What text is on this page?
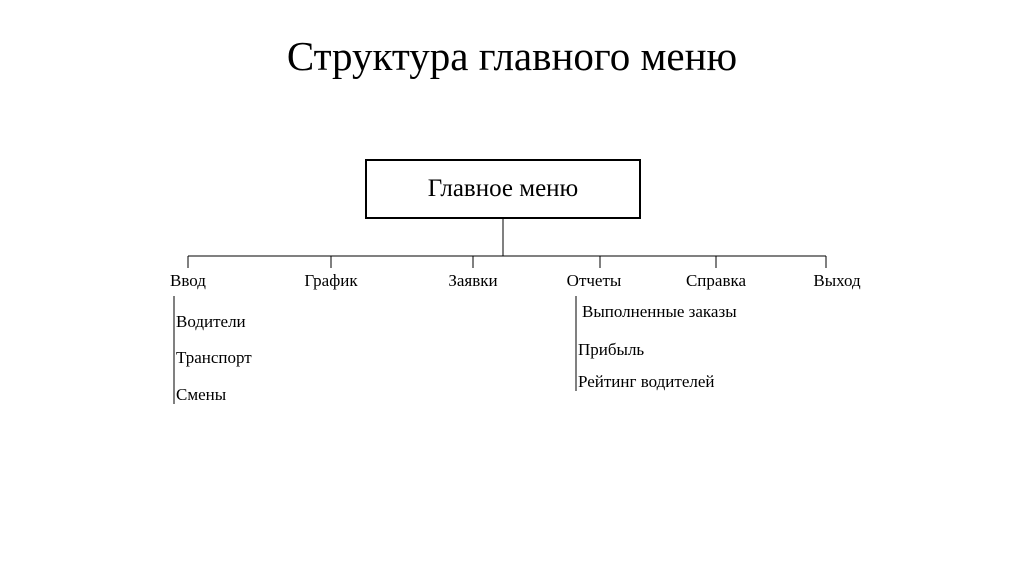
Структура главного меню
Главное меню
Ввод	График	Заявки	Отчеты	Справка	Выход
Водители
Транспорт
Смены
Выполненные заказы
Прибыль
Рейтинг водителей
